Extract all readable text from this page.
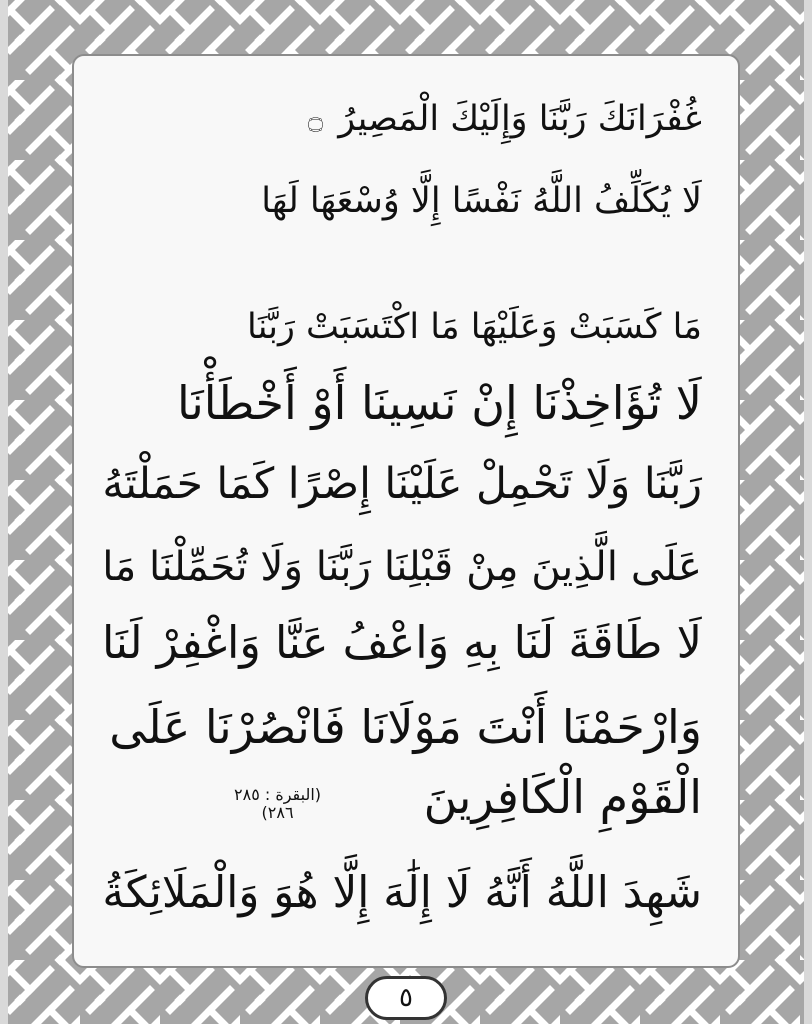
غُفْرَانَكَ رَبَّنَا وَإِلَيْكَ الْمَصِيرُ ۝
لَا يُكَلِّفُ اللَّهُ نَفْسًا إِلَّا وُسْعَهَا لَهَا
مَا كَسَبَتْ وَعَلَيْهَا مَا اكْتَسَبَتْ رَبَّنَا
لَا تُؤَاخِذْنَا إِنْ نَسِينَا أَوْ أَخْطَأْنَا
رَبَّنَا وَلَا تَحْمِلْ عَلَيْنَا إِصْرًا كَمَا حَمَلْتَهُ
عَلَى الَّذِينَ مِنْ قَبْلِنَا رَبَّنَا وَلَا تُحَمِّلْنَا مَا
لَا طَاقَةَ لَنَا بِهِ وَاعْفُ عَنَّا وَاغْفِرْ لَنَا
وَارْحَمْنَا أَنْتَ مَوْلَانَا فَانْصُرْنَا عَلَى
الْقَوْمِ الْكَافِرِينَ
(البقرة : ٢٨٥
٢٨٦)
شَهِدَ اللَّهُ أَنَّهُ لَا إِلَٰهَ إِلَّا هُوَ وَالْمَلَائِكَةُ
٥
